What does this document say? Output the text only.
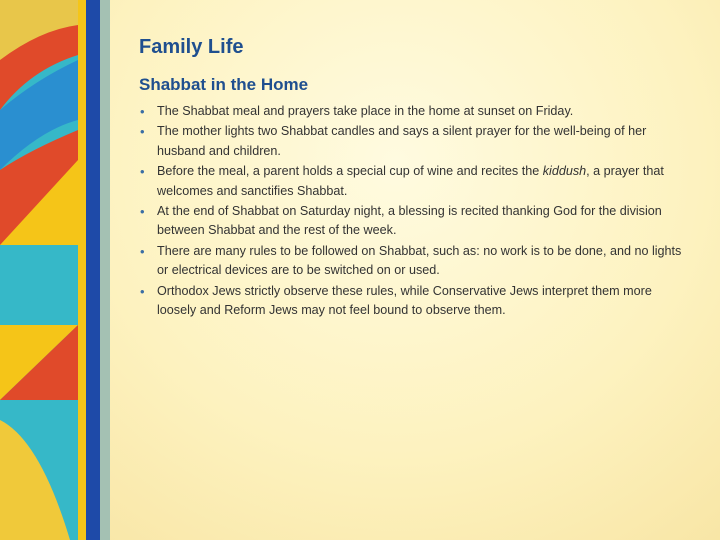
Family Life
Shabbat in the Home
• The Shabbat meal and prayers take place in the home at sunset on Friday.
• The mother lights two Shabbat candles and says a silent prayer for the well-being of her husband and children.
• Before the meal, a parent holds a special cup of wine and recites the kiddush, a prayer that welcomes and sanctifies Shabbat.
• At the end of Shabbat on Saturday night, a blessing is recited thanking God for the division between Shabbat and the rest of the week.
• There are many rules to be followed on Shabbat, such as: no work is to be done, and no lights or electrical devices are to be switched on or used.
• Orthodox Jews strictly observe these rules, while Conservative Jews interpret them more loosely and Reform Jews may not feel bound to observe them.
